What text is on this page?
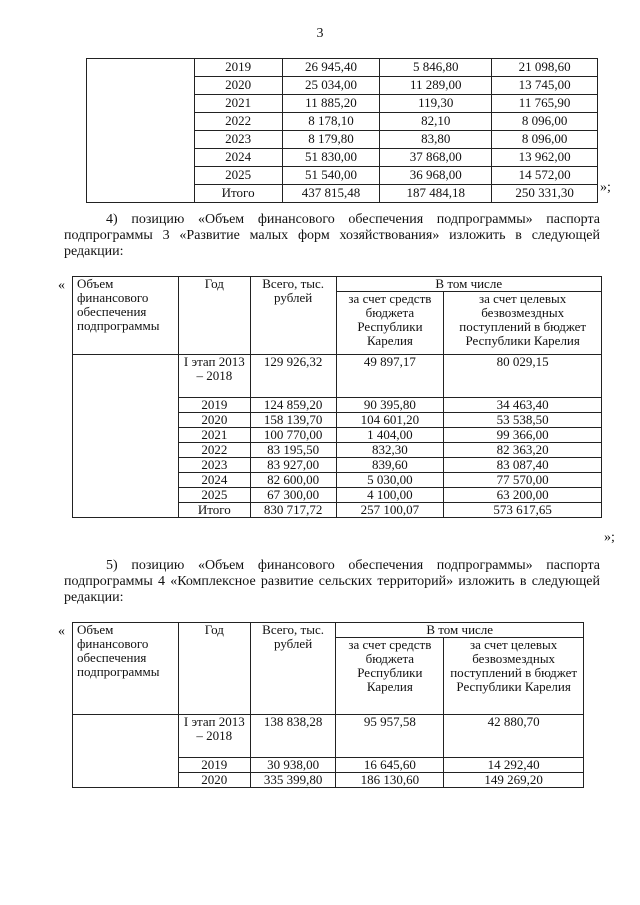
3
	2019	26 945,40	5 846,80	21 098,60
	2020	25 034,00	11 289,00	13 745,00
	2021	11 885,20	119,30	11 765,90
	2022	8 178,10	82,10	8 096,00
	2023	8 179,80	83,80	8 096,00
	2024	51 830,00	37 868,00	13 962,00
	2025	51 540,00	36 968,00	14 572,00
	Итого	437 815,48	187 484,18	250 331,30 »;
4) позицию «Объем финансового обеспечения подпрограммы» паспорта подпрограммы 3 «Развитие малых форм хозяйствования» изложить в следующей редакции:
« Объем финансового обеспечения подпрограммы	Год	Всего, тыс. рублей	В том числе	
			за счет средств бюджета Республики Карелия	за счет целевых безвозмездных поступлений в бюджет Республики Карелия
	I этап 2013 – 2018	129 926,32	49 897,17	80 029,15
	2019	124 859,20	90 395,80	34 463,40
	2020	158 139,70	104 601,20	53 538,50
	2021	100 770,00	1 404,00	99 366,00
	2022	83 195,50	832,30	82 363,20
	2023	83 927,00	839,60	83 087,40
	2024	82 600,00	5 030,00	77 570,00
	2025	67 300,00	4 100,00	63 200,00
	Итого	830 717,72	257 100,07	573 617,65
»;
5) позицию «Объем финансового обеспечения подпрограммы» паспорта подпрограммы 4 «Комплексное развитие сельских территорий» изложить в следующей редакции:
« Объем финансового обеспечения подпрограммы	Год	Всего, тыс. рублей	В том числе	
			за счет средств бюджета Республики Карелия	за счет целевых безвозмездных поступлений в бюджет Республики Карелия
	I этап 2013 – 2018	138 838,28	95 957,58	42 880,70
	2019	30 938,00	16 645,60	14 292,40
	2020	335 399,80	186 130,60	149 269,20
